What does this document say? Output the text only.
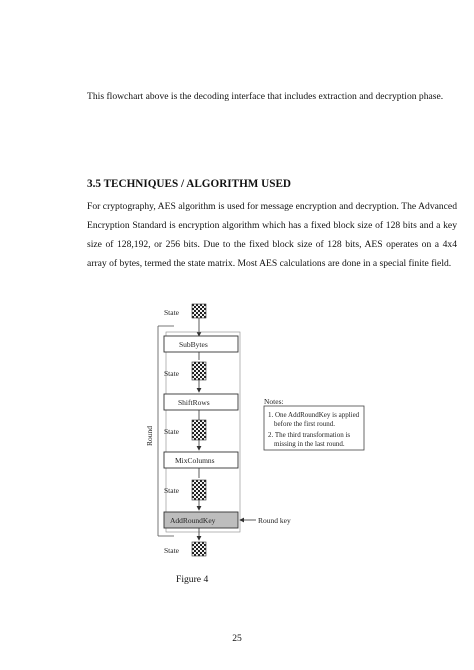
This flowchart above is the decoding interface that includes extraction and decryption phase.

3.5 TECHNIQUES / ALGORITHM USED

For cryptography, AES algorithm is used for message encryption and decryption. The Advanced Encryption Standard is encryption algorithm which has a fixed block size of 128 bits and a key size of 128,192, or 256 bits. Due to the fixed block size of 128 bits, AES operates on a 4x4 array of bytes, termed the state matrix. Most AES calculations are done in a special finite field.

State
Round
SubBytes
State
ShiftRows
State
MixColumns
State
AddRoundKey	Round key
State
Notes:
1. One AddRoundKey is applied
before the first round.
2. The third transformation is
missing in the last round.
Figure 4
25
